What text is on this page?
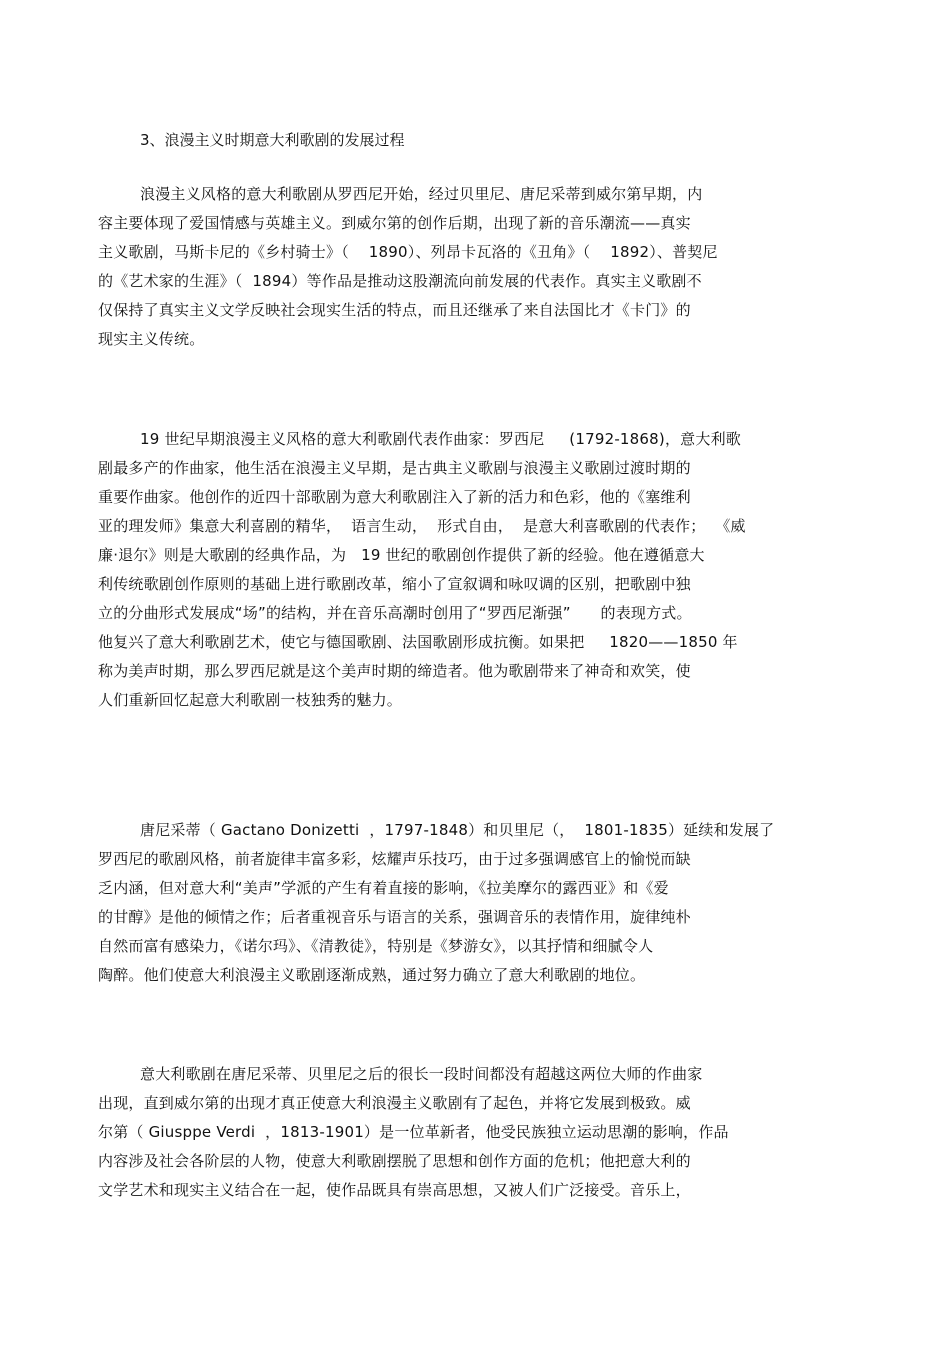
3、浪漫主义时期意大利歌剧的发展过程
浪漫主义风格的意大利歌剧从罗西尼开始，经过贝里尼、唐尼采蒂到威尔第早期，内
容主要体现了爱国情感与英雄主义。到威尔第的创作后期，出现了新的音乐潮流——真实
主义歌剧，马斯卡尼的《乡村骑士》（    1890）、列昂卡瓦洛的《丑角》（    1892）、普契尼
的《艺术家的生涯》（  1894）等作品是推动这股潮流向前发展的代表作。真实主义歌剧不
仅保持了真实主义文学反映社会现实生活的特点，而且还继承了来自法国比才《卡门》的
现实主义传统。
19 世纪早期浪漫主义风格的意大利歌剧代表作曲家：罗西尼     (1792-1868)，意大利歌
剧最多产的作曲家，他生活在浪漫主义早期，是古典主义歌剧与浪漫主义歌剧过渡时期的
重要作曲家。他创作的近四十部歌剧为意大利歌剧注入了新的活力和色彩，他的《塞维利
亚的理发师》集意大利喜剧的精华，  语言生动，  形式自由，  是意大利喜歌剧的代表作；  《威
廉·退尔》则是大歌剧的经典作品，为   19 世纪的歌剧创作提供了新的经验。他在遵循意大
利传统歌剧创作原则的基础上进行歌剧改革，缩小了宣叙调和咏叹调的区别，把歌剧中独
立的分曲形式发展成“场”的结构，并在音乐高潮时创用了“罗西尼渐强”      的表现方式。
他复兴了意大利歌剧艺术，使它与德国歌剧、法国歌剧形成抗衡。如果把     1820——1850 年
称为美声时期，那么罗西尼就是这个美声时期的缔造者。他为歌剧带来了神奇和欢笑，使
人们重新回忆起意大利歌剧一枝独秀的魅力。
唐尼采蒂（ Gactano Donizetti  ，1797-1848）和贝里尼（，  1801-1835）延续和发展了
罗西尼的歌剧风格，前者旋律丰富多彩，炫耀声乐技巧，由于过多强调感官上的愉悦而缺
乏内涵，但对意大利“美声”学派的产生有着直接的影响，《拉美摩尔的露西亚》和《爱
的甘醇》是他的倾情之作；后者重视音乐与语言的关系，强调音乐的表情作用，旋律纯朴
自然而富有感染力，《诺尔玛》、《清教徒》，特别是《梦游女》，以其抒情和细腻令人
陶醉。他们使意大利浪漫主义歌剧逐渐成熟，通过努力确立了意大利歌剧的地位。
意大利歌剧在唐尼采蒂、贝里尼之后的很长一段时间都没有超越这两位大师的作曲家
出现，直到威尔第的出现才真正使意大利浪漫主义歌剧有了起色，并将它发展到极致。威
尔第（ Giusppe Verdi  ，1813-1901）是一位革新者，他受民族独立运动思潮的影响，作品
内容涉及社会各阶层的人物，使意大利歌剧摆脱了思想和创作方面的危机；他把意大利的
文学艺术和现实主义结合在一起，使作品既具有崇高思想，又被人们广泛接受。音乐上，
